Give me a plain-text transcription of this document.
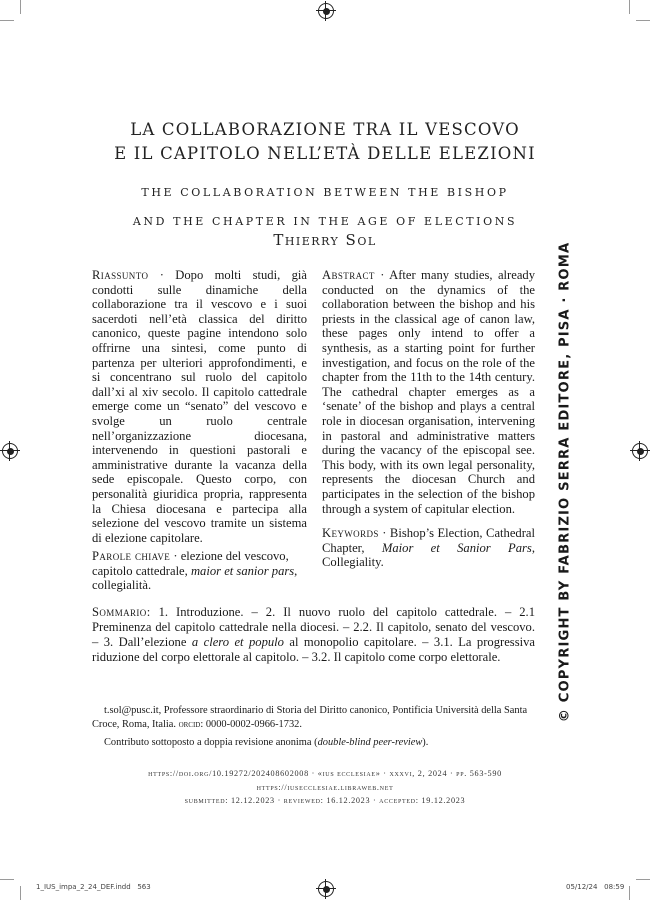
LA COLLABORAZIONE TRA IL VESCOVO
E IL CAPITOLO NELL’ETÀ DELLE ELEZIONI
THE COLLABORATION BETWEEN THE BISHOP
AND THE CHAPTER IN THE AGE OF ELECTIONS
Thierry Sol

Riassunto · Dopo molti studi, già condotti sulle dinamiche della collaborazione tra il vescovo e i suoi sacerdoti nell’età classica del diritto canonico, queste pagine intendono solo offrirne una sintesi, come punto di partenza per ulteriori approfondimenti, e si concentrano sul ruolo del capitolo dall’xi al xiv secolo. Il capitolo cattedrale emerge come un “senato” del vescovo e svolge un ruolo centrale nell’organizzazione diocesana, intervenendo in questioni pastorali e amministrative durante la vacanza della sede episcopale. Questo corpo, con personalità giuridica propria, rappresenta la Chiesa diocesana e partecipa alla selezione del vescovo tramite un sistema di elezione capitolare.

Parole chiave · elezione del vescovo, capitolo cattedrale, maior et sanior pars, collegialità.

Abstract · After many studies, already conducted on the dynamics of the collaboration between the bishop and his priests in the classical age of canon law, these pages only intend to offer a synthesis, as a starting point for further investigation, and focus on the role of the chapter from the 11th to the 14th century. The cathedral chapter emerges as a ‘senate’ of the bishop and plays a central role in diocesan organisation, intervening in pastoral and administrative matters during the vacancy of the episcopal see. This body, with its own legal personality, represents the diocesan Church and participates in the selection of the bishop through a system of capitular election.

Keywords · Bishop’s Election, Cathedral Chapter, Maior et Sanior Pars, Collegiality.

Sommario: 1. Introduzione. – 2. Il nuovo ruolo del capitolo cattedrale. – 2.1 Preminenza del capitolo cattedrale nella diocesi. – 2.2. Il capitolo, senato del vescovo. – 3. Dall’elezione a clero et populo al monopolio capitolare. – 3.1. La progressiva riduzione del corpo elettorale al capitolo. – 3.2. Il capitolo come corpo elettorale.

t.sol@pusc.it, Professore straordinario di Storia del Diritto canonico, Pontificia Università della Santa Croce, Roma, Italia. orcid: 0000-0002-0966-1732.

Contributo sottoposto a doppia revisione anonima (double-blind peer-review).

https://doi.org/10.19272/202408602008 · «ius ecclesiae» · xxxvi, 2, 2024 · pp. 563-590
https://iusecclesiae.libraweb.net
submitted: 12.12.2023 · reviewed: 16.12.2023 · accepted: 19.12.2023
© COPYRIGHT BY FABRIZIO SERRA EDITORE, PISA · ROMA
1_IUS_impa_2_24_DEF.indd   563	05/12/24   08:59
